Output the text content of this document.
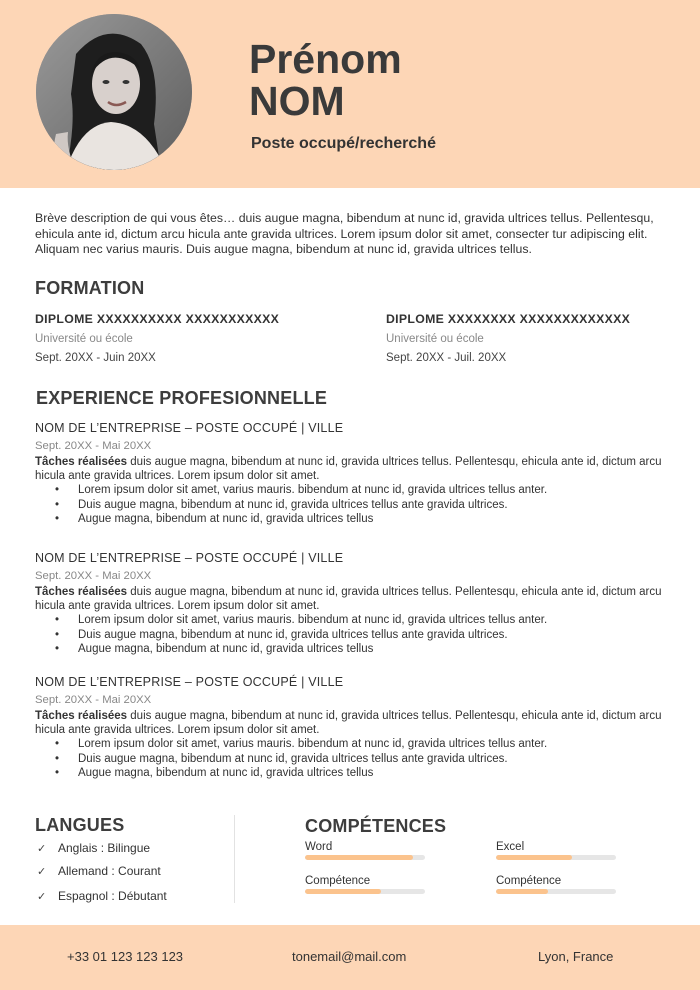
Prénom
NOM
Poste occupé/recherché
Brève description de qui vous êtes… duis augue magna, bibendum at nunc id, gravida ultrices tellus. Pellentesqu, ehicula ante id, dictum arcu hicula ante gravida ultrices. Lorem ipsum dolor sit amet, consecter tur adipiscing elit. Aliquam nec varius mauris. Duis augue magna, bibendum at nunc id, gravida ultrices tellus.
FORMATION
DIPLOME XXXXXXXXXX XXXXXXXXXXX
Université ou école
Sept. 20XX - Juin 20XX
DIPLOME XXXXXXXX XXXXXXXXXXXXX
Université ou école
Sept. 20XX - Juil. 20XX
EXPERIENCE PROFESIONNELLE
NOM DE L’ENTREPRISE – POSTE OCCUPÉ | VILLE
Sept. 20XX - Mai 20XX
Tâches réalisées duis augue magna, bibendum at nunc id, gravida ultrices tellus. Pellentesqu, ehicula ante id, dictum arcu hicula ante gravida ultrices. Lorem ipsum dolor sit amet.
• Lorem ipsum dolor sit amet, varius mauris. bibendum at nunc id, gravida ultrices tellus anter.
• Duis augue magna, bibendum at nunc id, gravida ultrices tellus ante gravida ultrices.
• Augue magna, bibendum at nunc id, gravida ultrices tellus
NOM DE L’ENTREPRISE – POSTE OCCUPÉ | VILLE
Sept. 20XX - Mai 20XX
Tâches réalisées duis augue magna, bibendum at nunc id, gravida ultrices tellus. Pellentesqu, ehicula ante id, dictum arcu hicula ante gravida ultrices. Lorem ipsum dolor sit amet.
• Lorem ipsum dolor sit amet, varius mauris. bibendum at nunc id, gravida ultrices tellus anter.
• Duis augue magna, bibendum at nunc id, gravida ultrices tellus ante gravida ultrices.
• Augue magna, bibendum at nunc id, gravida ultrices tellus
NOM DE L’ENTREPRISE – POSTE OCCUPÉ | VILLE
Sept. 20XX - Mai 20XX
Tâches réalisées duis augue magna, bibendum at nunc id, gravida ultrices tellus. Pellentesqu, ehicula ante id, dictum arcu hicula ante gravida ultrices. Lorem ipsum dolor sit amet.
• Lorem ipsum dolor sit amet, varius mauris. bibendum at nunc id, gravida ultrices tellus anter.
• Duis augue magna, bibendum at nunc id, gravida ultrices tellus ante gravida ultrices.
• Augue magna, bibendum at nunc id, gravida ultrices tellus
LANGUES
✓ Anglais : Bilingue
✓ Allemand : Courant
✓ Espagnol : Débutant
COMPÉTENCES
Word	Excel
Compétence	Compétence
+33 01 123 123 123	tonemail@mail.com	Lyon, France
